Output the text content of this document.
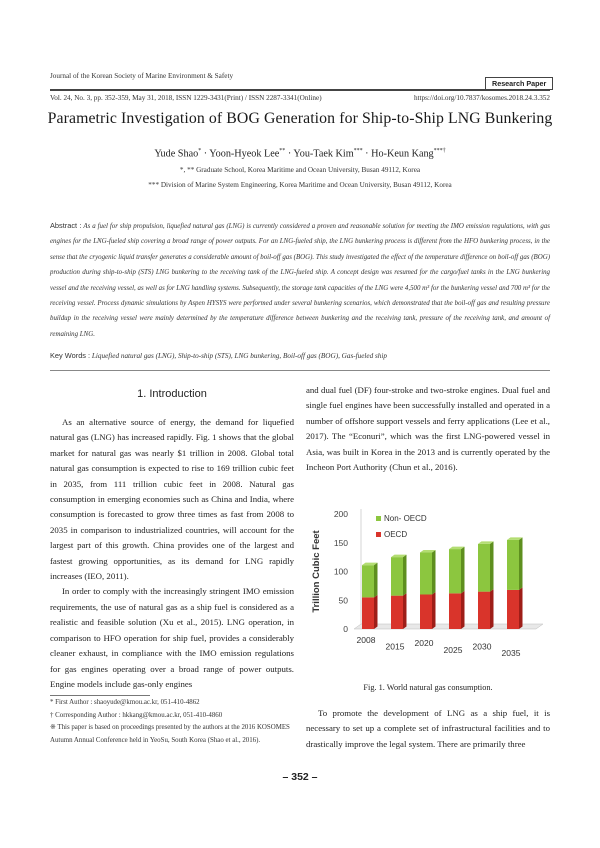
Journal of the Korean Society of Marine Environment & Safety
Research Paper
Vol. 24, No. 3, pp. 352-359, May 31, 2018, ISSN 1229-3431(Print) / ISSN 2287-3341(Online)	https://doi.org/10.7837/kosomes.2018.24.3.352
Parametric Investigation of BOG Generation for Ship-to-Ship LNG Bunkering
Yude Shao* · Yoon-Hyeok Lee** · You-Taek Kim*** · Ho-Keun Kang***†
*, ** Graduate School, Korea Maritime and Ocean University, Busan 49112, Korea
*** Division of Marine System Engineering, Korea Maritime and Ocean University, Busan 49112, Korea
Abstract : As a fuel for ship propulsion, liquefied natural gas (LNG) is currently considered a proven and reasonable solution for meeting the IMO emission regulations, with gas engines for the LNG-fueled ship covering a broad range of power outputs. For an LNG-fueled ship, the LNG bunkering process is different from the HFO bunkering process, in the sense that the cryogenic liquid transfer generates a considerable amount of boil-off gas (BOG). This study investigated the effect of the temperature difference on boil-off gas (BOG) production during ship-to-ship (STS) LNG bunkering to the receiving tank of the LNG-fueled ship. A concept design was resumed for the cargo/fuel tanks in the LNG bunkering vessel and the receiving vessel, as well as for LNG handling systems. Subsequently, the storage tank capacities of the LNG were 4,500 m³ for the bunkering vessel and 700 m³ for the receiving vessel. Process dynamic simulations by Aspen HYSYS were performed under several bunkering scenarios, which demonstrated that the boil-off gas and resulting pressure buildup in the receiving vessel were mainly determined by the temperature difference between bunkering and the receiving tank, pressure of the receiving tank, and amount of remaining LNG.
Key Words : Liquefied natural gas (LNG), Ship-to-ship (STS), LNG bunkering, Boil-off gas (BOG), Gas-fueled ship
1. Introduction

As an alternative source of energy, the demand for liquefied natural gas (LNG) has increased rapidly. Fig. 1 shows that the global market for natural gas was nearly $1 trillion in 2008. Global total natural gas consumption is expected to rise to 169 trillion cubic feet in 2035, from 111 trillion cubic feet in 2008. Natural gas consumption in emerging economies such as China and India, where consumption is forecasted to grow three times as fast from 2008 to 2035 in comparison to industrialized countries, will account for the largest part of this growth. China provides one of the largest and fastest growing opportunities, as its demand for LNG rapidly increases (IEO, 2011).

In order to comply with the increasingly stringent IMO emission requirements, the use of natural gas as a ship fuel is considered as a realistic and feasible solution (Xu et al., 2015). LNG operation, in comparison to HFO operation for ship fuel, provides a considerably cleaner exhaust, in compliance with the IMO emission regulations for gas engines operating over a broad range of power outputs. Engine models include gas-only engines

* First Author : shaoyude@kmou.ac.kr, 051-410-4862
† Corresponding Author : hkkang@kmou.ac.kr, 051-410-4860
※ This paper is based on proceedings presented by the authors at the 2016 KOSOMES Autumn Annual Conference held in YeoSu, South Korea (Shao et al., 2016).

and dual fuel (DF) four-stroke and two-stroke engines. Dual fuel and single fuel engines have been successfully installed and operated in a number of offshore support vessels and ferry applications (Lee et al., 2017). The “Econuri”, which was the first LNG-powered vessel in Asia, was built in Korea in the 2013 and is currently operated by the Incheon Port Authority (Chun et al., 2016).

0
50
100
150
200
Trillion Cubic Feet
2008
2015 2020
2025 2030
2035
Non- OECD
OECD
Fig. 1. World natural gas consumption.

To promote the development of LNG as a ship fuel, it is necessary to set up a complete set of infrastructural facilities and to drastically improve the legal system. There are primarily three

– 352 –
